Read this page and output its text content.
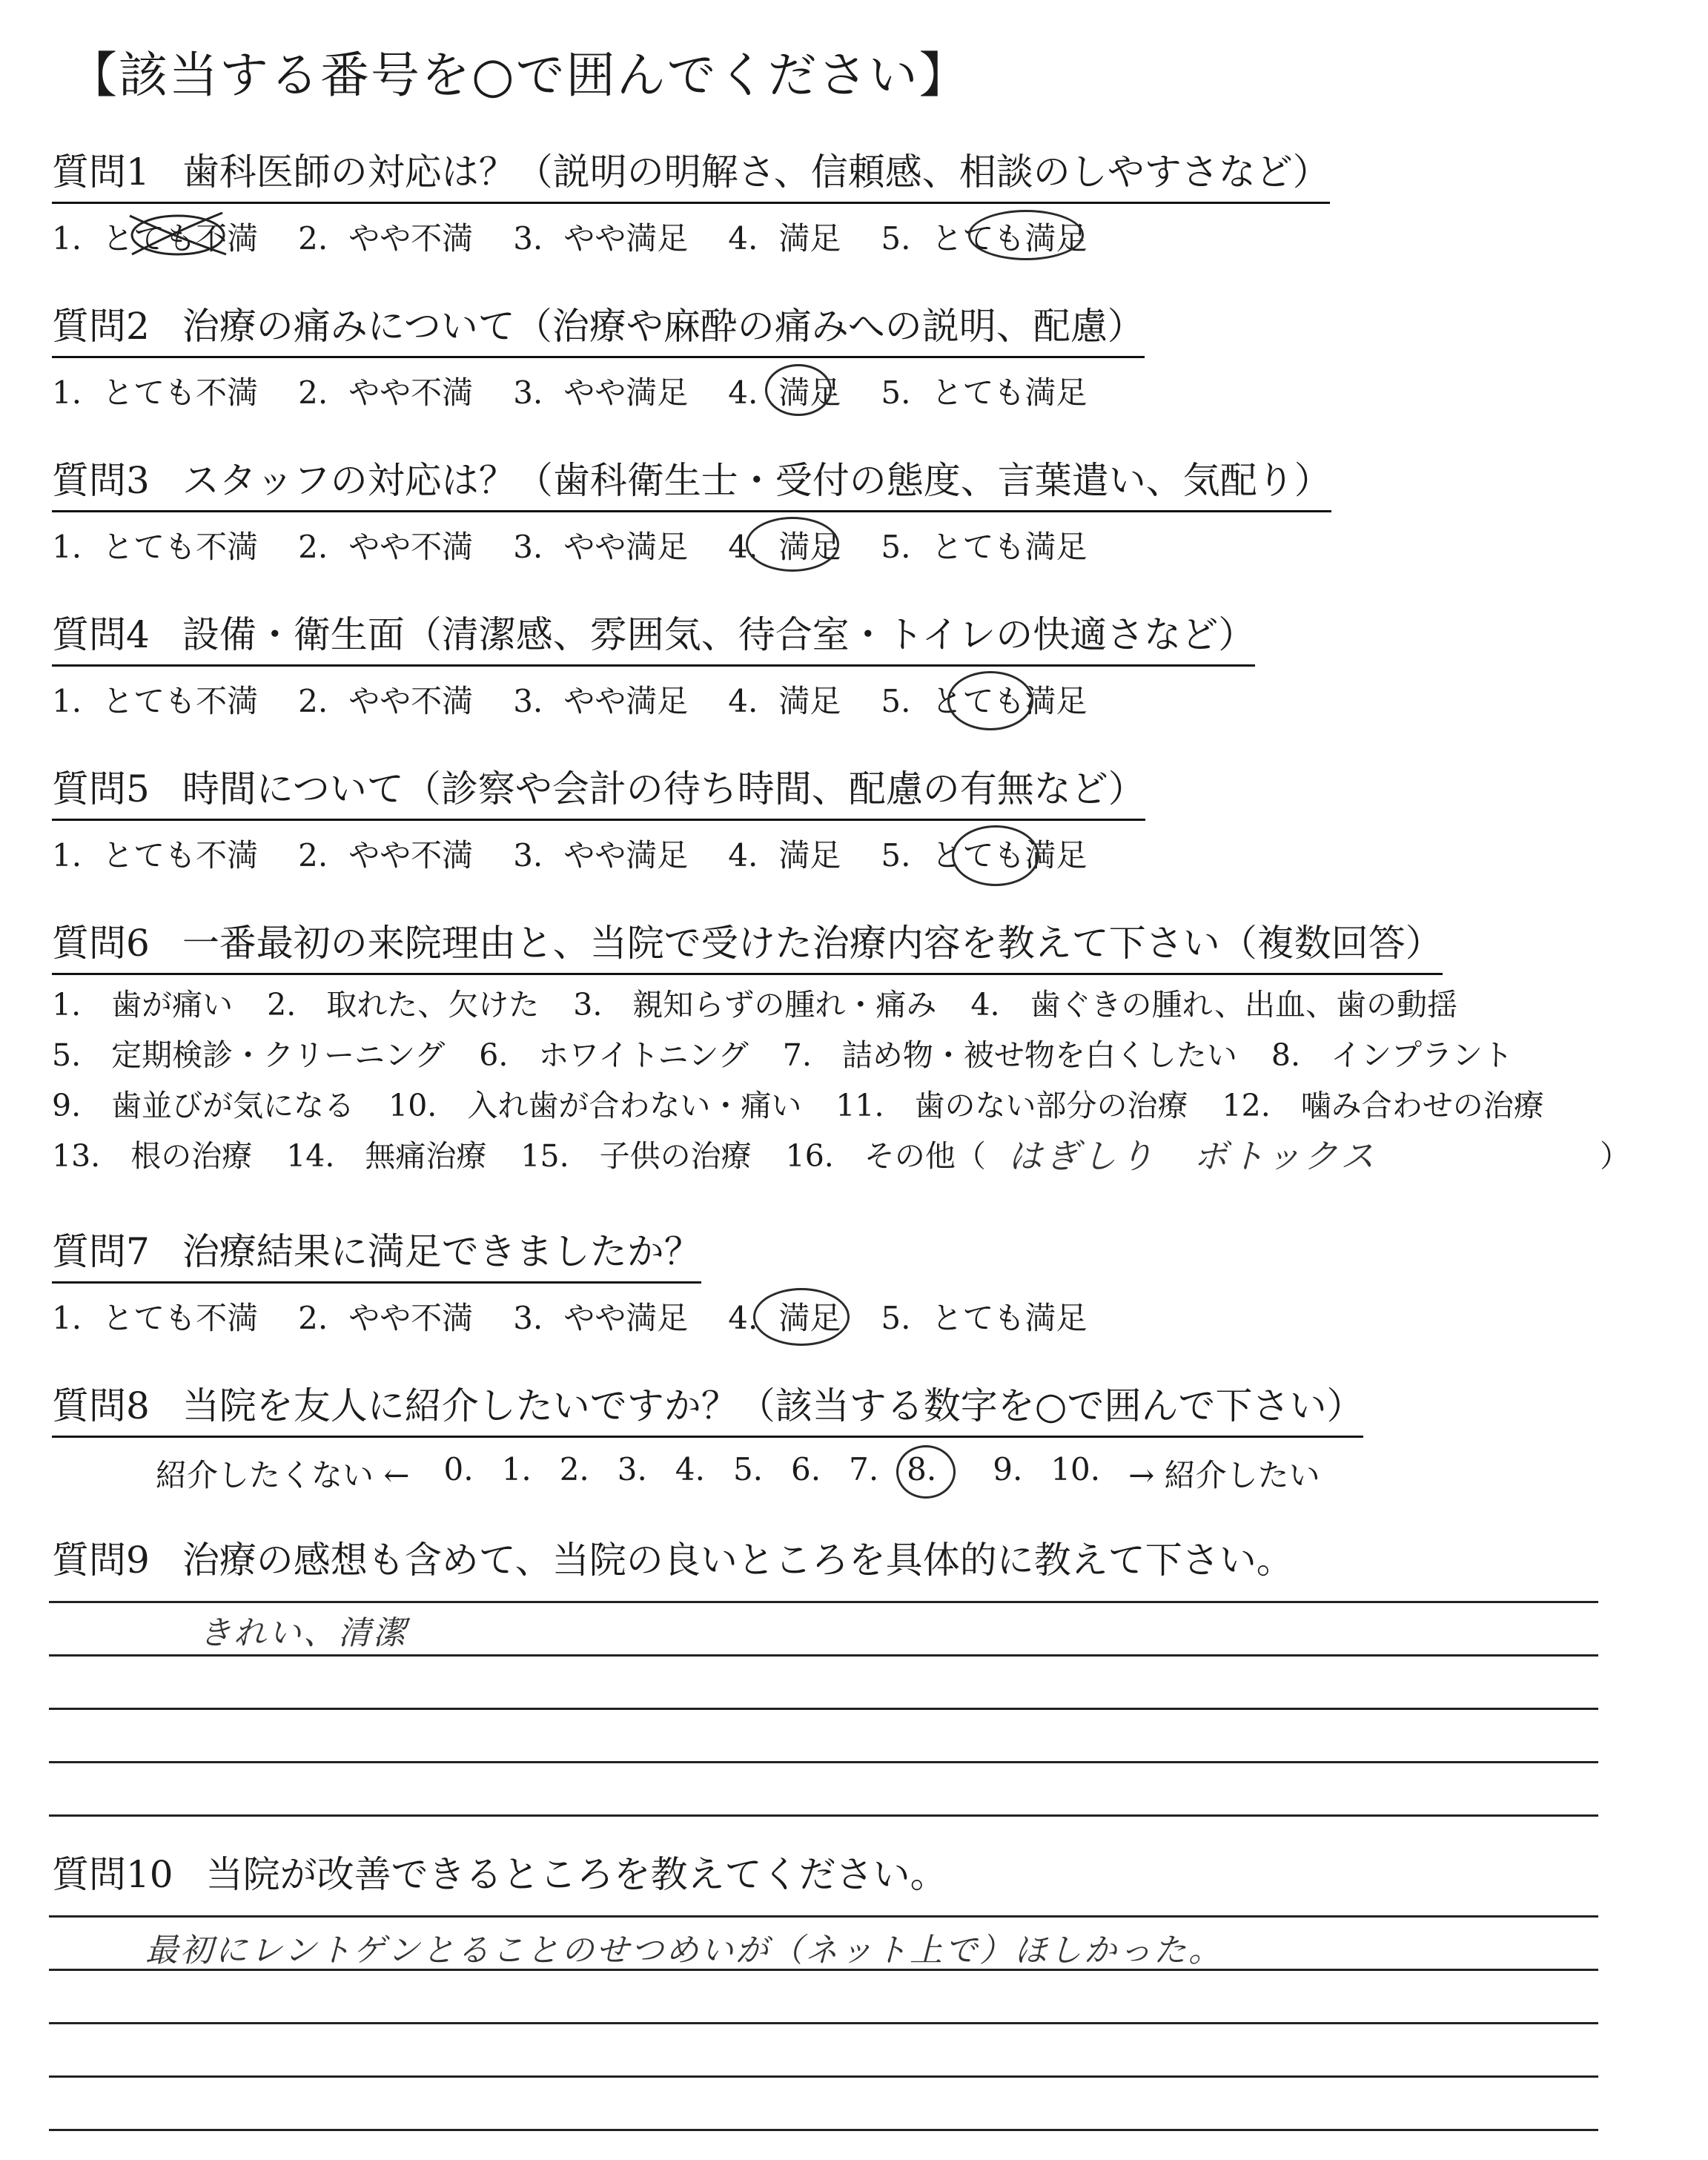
【該当する番号を○で囲んでください】
質問1 歯科医師の対応は？（説明の明解さ、信頼感、相談のしやすさなど）
1. とても不満 2. やや不満 3. やや満足 4. 満足 5. とても満足
質問2 治療の痛みについて（治療や麻酔の痛みへの説明、配慮）
1. とても不満 2. やや不満 3. やや満足 4. 満足 5. とても満足
質問3 スタッフの対応は？（歯科衛生士・受付の態度、言葉遣い、気配り）
1. とても不満 2. やや不満 3. やや満足 4. 満足 5. とても満足
質問4 設備・衛生面（清潔感、雰囲気、待合室・トイレの快適さなど）
1. とても不満 2. やや不満 3. やや満足 4. 満足 5. とても満足
質問5 時間について（診察や会計の待ち時間、配慮の有無など）
1. とても不満 2. やや不満 3. やや満足 4. 満足 5. とても満足
質問6 一番最初の来院理由と、当院で受けた治療内容を教えて下さい（複数回答）
1.　歯が痛い 2.　取れた、欠けた 3.　親知らずの腫れ・痛み 4.　歯ぐきの腫れ、出血、歯の動揺
5.　定期検診・クリーニング 6.　ホワイトニング 7.　詰め物・被せ物を白くしたい 8.　インプラント
9.　歯並びが気になる 10.　入れ歯が合わない・痛い 11.　歯のない部分の治療 12.　噛み合わせの治療
13.　根の治療 14.　無痛治療 15.　子供の治療 16.　その他（ はぎしり　ボトックス	）
質問7 治療結果に満足できましたか？
1. とても不満 2. やや不満 3. やや満足 4. 満足 5. とても満足
質問8 当院を友人に紹介したいですか？（該当する数字を○で囲んで下さい）
紹介したくない ← 0. 1. 2. 3. 4. 5. 6. 7. 8.	9. 10. → 紹介したい
質問9 治療の感想も含めて、当院の良いところを具体的に教えて下さい。
きれい、清潔
質問10 当院が改善できるところを教えてください。
最初にレントゲンとることのせつめいが（ネット上で）ほしかった。
